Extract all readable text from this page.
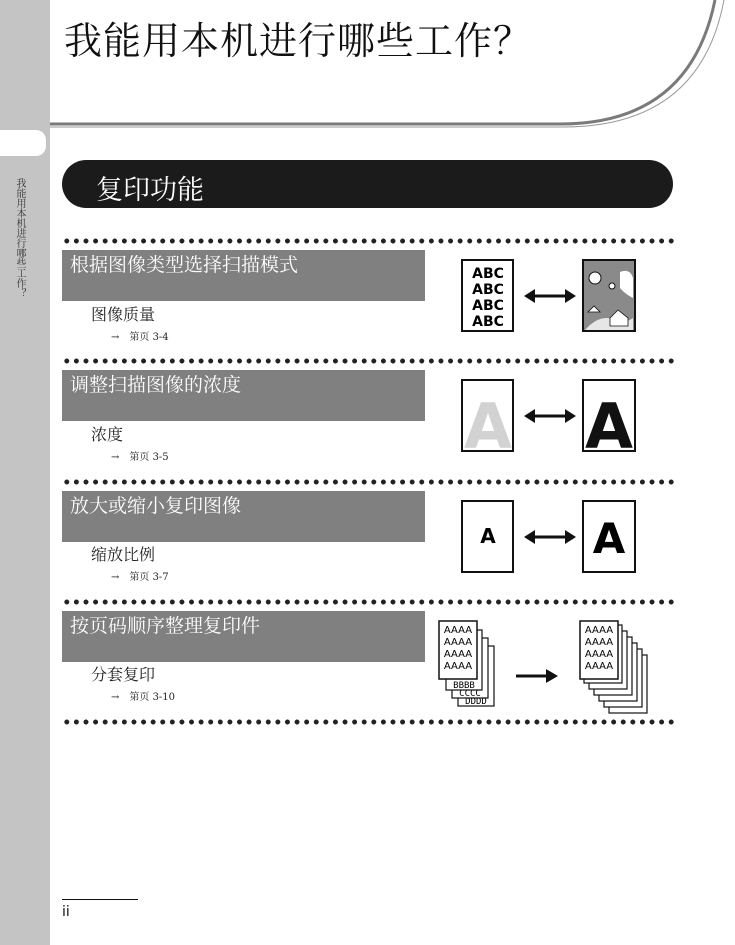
我能用本机进行哪些工作？
我能用本机进行哪些工作？
复印功能
根据图像类型选择扫描模式
图像质量
→ 第页 3-4
调整扫描图像的浓度
浓度
→ 第页 3-5
放大或缩小复印图像
缩放比例
→ 第页 3-7
按页码顺序整理复印件
分套复印
→ 第页 3-10
ABC
ABC
ABC
ABC
A A
A A
DDDD
CCCC
BBBB
AAAA
AAAA
AAAA
AAAA
AAAA
AAAA
AAAA
AAAA
ii
